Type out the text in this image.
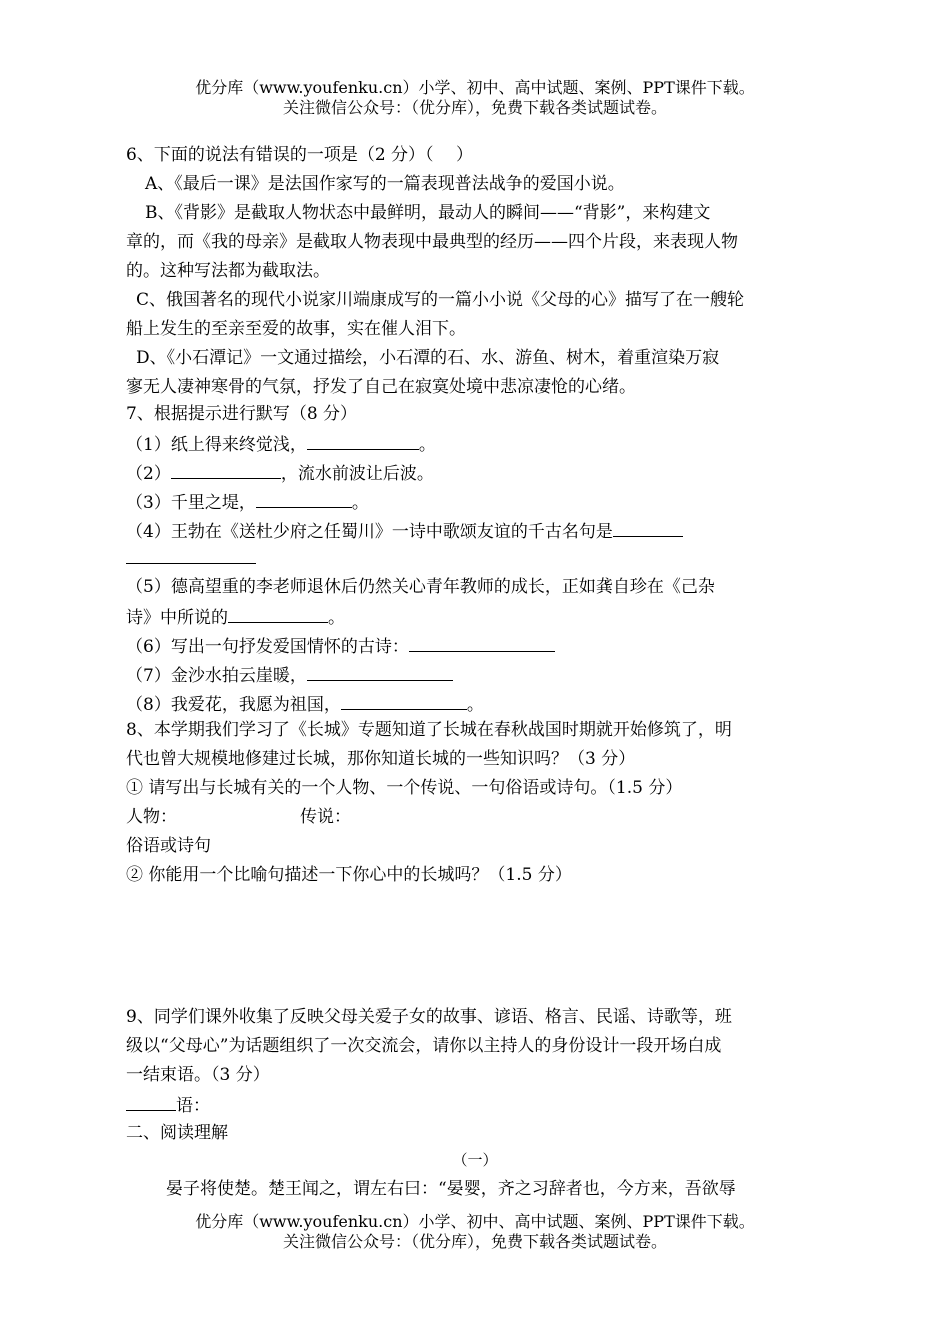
优分库（www.youfenku.cn）小学、初中、高中试题、案例、PPT课件下载。
关注微信公众号：（优分库），免费下载各类试题试卷。
6、下面的说法有错误的一项是（2 分）（　 ）
A、《最后一课》是法国作家写的一篇表现普法战争的爱国小说。
B、《背影》是截取人物状态中最鲜明，最动人的瞬间——“背影”，来构建文
章的，而《我的母亲》是截取人物表现中最典型的经历——四个片段，来表现人物
的。这种写法都为截取法。
C、俄国著名的现代小说家川端康成写的一篇小小说《父母的心》描写了在一艘轮
船上发生的至亲至爱的故事，实在催人泪下。
D、《小石潭记》一文通过描绘，小石潭的石、水、游鱼、树木，着重渲染万寂
寥无人凄神寒骨的气氛，抒发了自己在寂寞处境中悲凉凄怆的心绪。
7、根据提示进行默写（8 分）
（1）纸上得来终觉浅，	。
（2）	，流水前波让后波。
（3）千里之堤，	。
（4）王勃在《送杜少府之任蜀川》一诗中歌颂友谊的千古名句是
（5）德高望重的李老师退休后仍然关心青年教师的成长，正如龚自珍在《己杂
诗》中所说的	。
（6）写出一句抒发爱国情怀的古诗：
（7）金沙水拍云崖暖，
（8）我爱花，我愿为祖国，	。
8、本学期我们学习了《长城》专题知道了长城在春秋战国时期就开始修筑了，明
代也曾大规模地修建过长城，那你知道长城的一些知识吗？（3 分）
① 请写出与长城有关的一个人物、一个传说、一句俗语或诗句。（1.5 分）
人物：	传说：
俗语或诗句
② 你能用一个比喻句描述一下你心中的长城吗？（1.5 分）
9、同学们课外收集了反映父母关爱子女的故事、谚语、格言、民谣、诗歌等，班
级以“父母心”为话题组织了一次交流会，请你以主持人的身份设计一段开场白成
一结束语。（3 分）
语：
二、阅读理解
（一）
晏子将使楚。楚王闻之，谓左右曰：“晏婴，齐之习辞者也，今方来，吾欲辱
优分库（www.youfenku.cn）小学、初中、高中试题、案例、PPT课件下载。
关注微信公众号：（优分库），免费下载各类试题试卷。
